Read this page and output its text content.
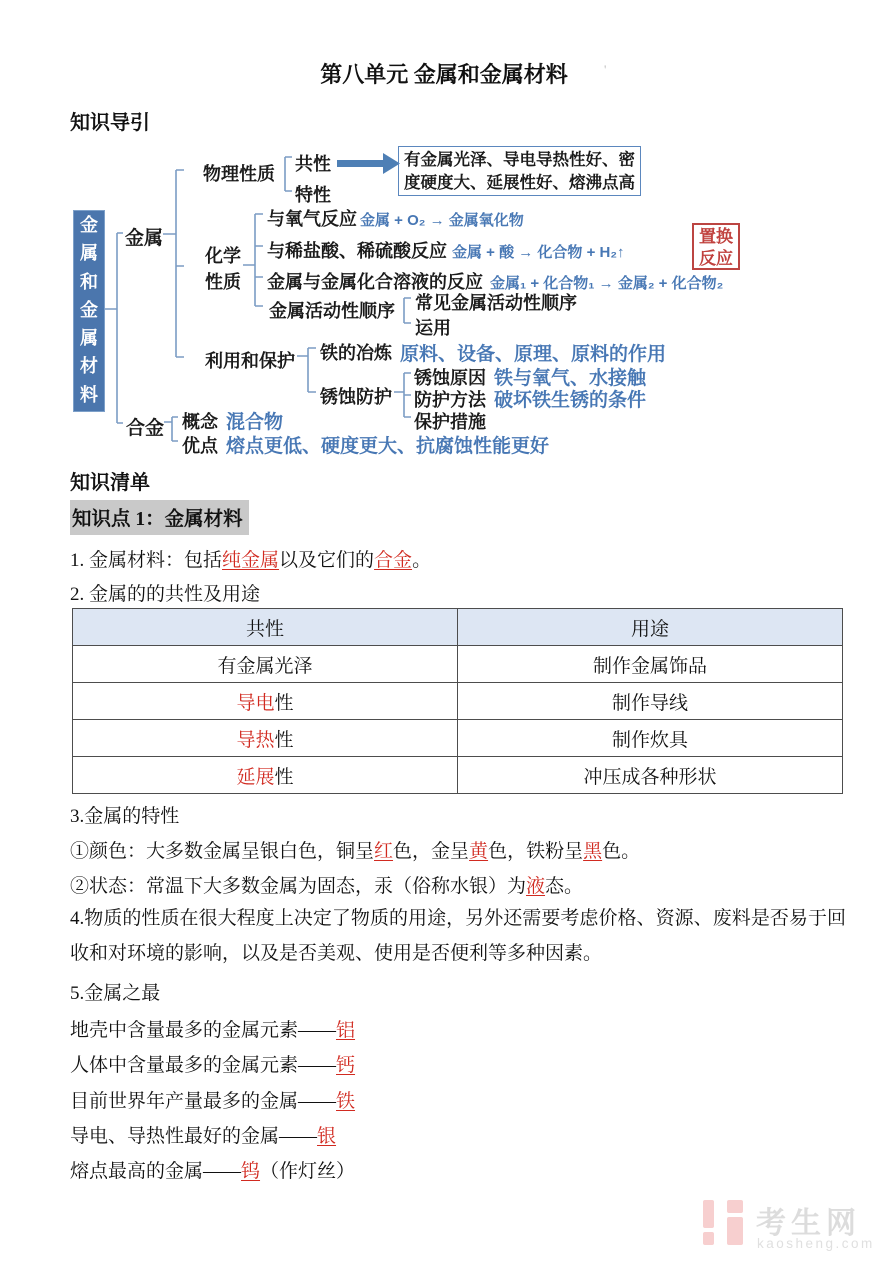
第八单元 金属和金属材料	'
知识导引
金属和金属材料
金属
合金
物理性质 共性
特性
有金属光泽、导电导热性好、密
度硬度大、延展性好、熔沸点高
化学
性质
与氧气反应 金属 + O₂ → 金属氧化物
与稀盐酸、稀硫酸反应 金属 + 酸 → 化合物 + H₂↑
金属与金属化合溶液的反应 金属₁ + 化合物₁ → 金属₂ + 化合物₂
金属活动性顺序 常见金属活动性顺序
运用
置换
反应
利用和保护 铁的冶炼 原料、设备、原理、原料的作用
锈蚀防护
锈蚀原因 铁与氧气、水接触
防护方法 破坏铁生锈的条件
保护措施
概念 混合物
优点 熔点更低、硬度更大、抗腐蚀性能更好
知识清单
知识点 1：金属材料
1. 金属材料：包括纯金属以及它们的合金。
2. 金属的的共性及用途
共性	用途
有金属光泽	制作金属饰品
导电性	制作导线
导热性	制作炊具
延展性	冲压成各种形状
3.金属的特性
①颜色：大多数金属呈银白色，铜呈红色，金呈黄色，铁粉呈黑色。
②状态：常温下大多数金属为固态，汞（俗称水银）为液态。
4.物质的性质在很大程度上决定了物质的用途，另外还需要考虑价格、资源、废料是否易于回收和对环境的影响，以及是否美观、使用是否便利等多种因素。
5.金属之最
地壳中含量最多的金属元素——铝
人体中含量最多的金属元素——钙
目前世界年产量最多的金属——铁
导电、导热性最好的金属——银
熔点最高的金属——钨（作灯丝）
考生网
kaosheng.com
